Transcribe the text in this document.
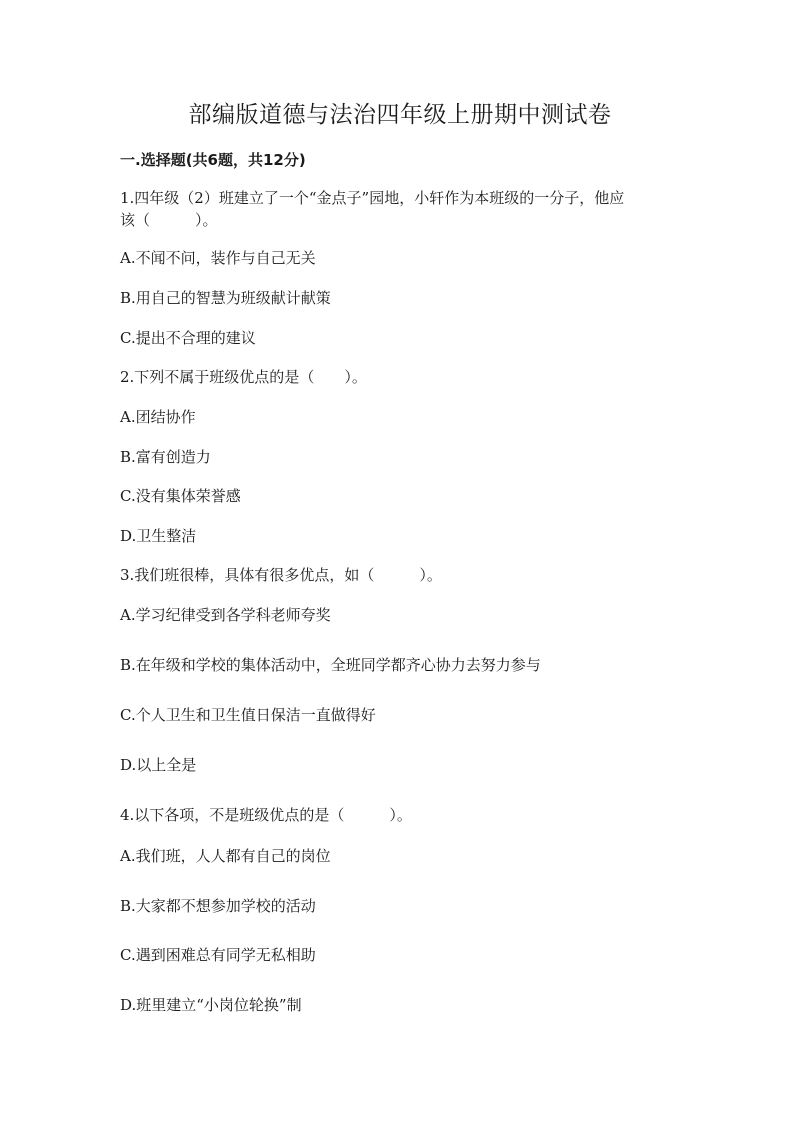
部编版道德与法治四年级上册期中测试卷
一.选择题(共6题，共12分)
1.四年级（2）班建立了一个“金点子”园地，小轩作为本班级的一分子，他应
该（　　　）。
A.不闻不问，装作与自己无关
B.用自己的智慧为班级献计献策
C.提出不合理的建议
2.下列不属于班级优点的是（　　）。
A.团结协作
B.富有创造力
C.没有集体荣誉感
D.卫生整洁
3.我们班很棒，具体有很多优点，如（　　　）。
A.学习纪律受到各学科老师夸奖
B.在年级和学校的集体活动中，全班同学都齐心协力去努力参与
C.个人卫生和卫生值日保洁一直做得好
D.以上全是
4.以下各项，不是班级优点的是（　　　）。
A.我们班，人人都有自己的岗位
B.大家都不想参加学校的活动
C.遇到困难总有同学无私相助
D.班里建立“小岗位轮换”制
